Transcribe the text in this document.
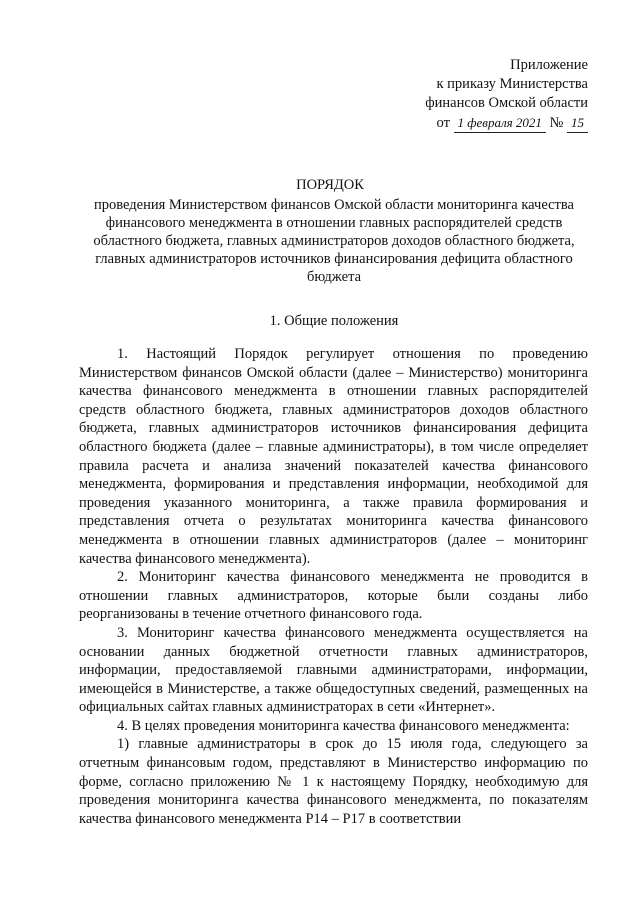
Приложение
к приказу Министерства
финансов Омской области
от 1 февраля 2021 № 15
ПОРЯДОК
проведения Министерством финансов Омской области мониторинга качества финансового менеджмента в отношении главных распорядителей средств областного бюджета, главных администраторов доходов областного бюджета, главных администраторов источников финансирования дефицита областного бюджета
1. Общие положения

1. Настоящий Порядок регулирует отношения по проведению Министерством финансов Омской области (далее – Министерство) мониторинга качества финансового менеджмента в отношении главных распорядителей средств областного бюджета, главных администраторов доходов областного бюджета, главных администраторов источников финансирования дефицита областного бюджета (далее – главные администраторы), в том числе определяет правила расчета и анализа значений показателей качества финансового менеджмента, формирования и представления информации, необходимой для проведения указанного мониторинга, а также правила формирования и представления отчета о результатах мониторинга качества финансового менеджмента в отношении главных администраторов (далее – мониторинг качества финансового менеджмента).

2. Мониторинг качества финансового менеджмента не проводится в отношении главных администраторов, которые были созданы либо реорганизованы в течение отчетного финансового года.

3. Мониторинг качества финансового менеджмента осуществляется на основании данных бюджетной отчетности главных администраторов, информации, предоставляемой главными администраторами, информации, имеющейся в Министерстве, а также общедоступных сведений, размещенных на официальных сайтах главных администраторах в сети «Интернет».

4. В целях проведения мониторинга качества финансового менеджмента:

1) главные администраторы в срок до 15 июля года, следующего за отчетным финансовым годом, представляют в Министерство информацию по форме, согласно приложению № 1 к настоящему Порядку, необходимую для проведения мониторинга качества финансового менеджмента, по показателям качества финансового менеджмента Р14 – Р17 в соответствии
